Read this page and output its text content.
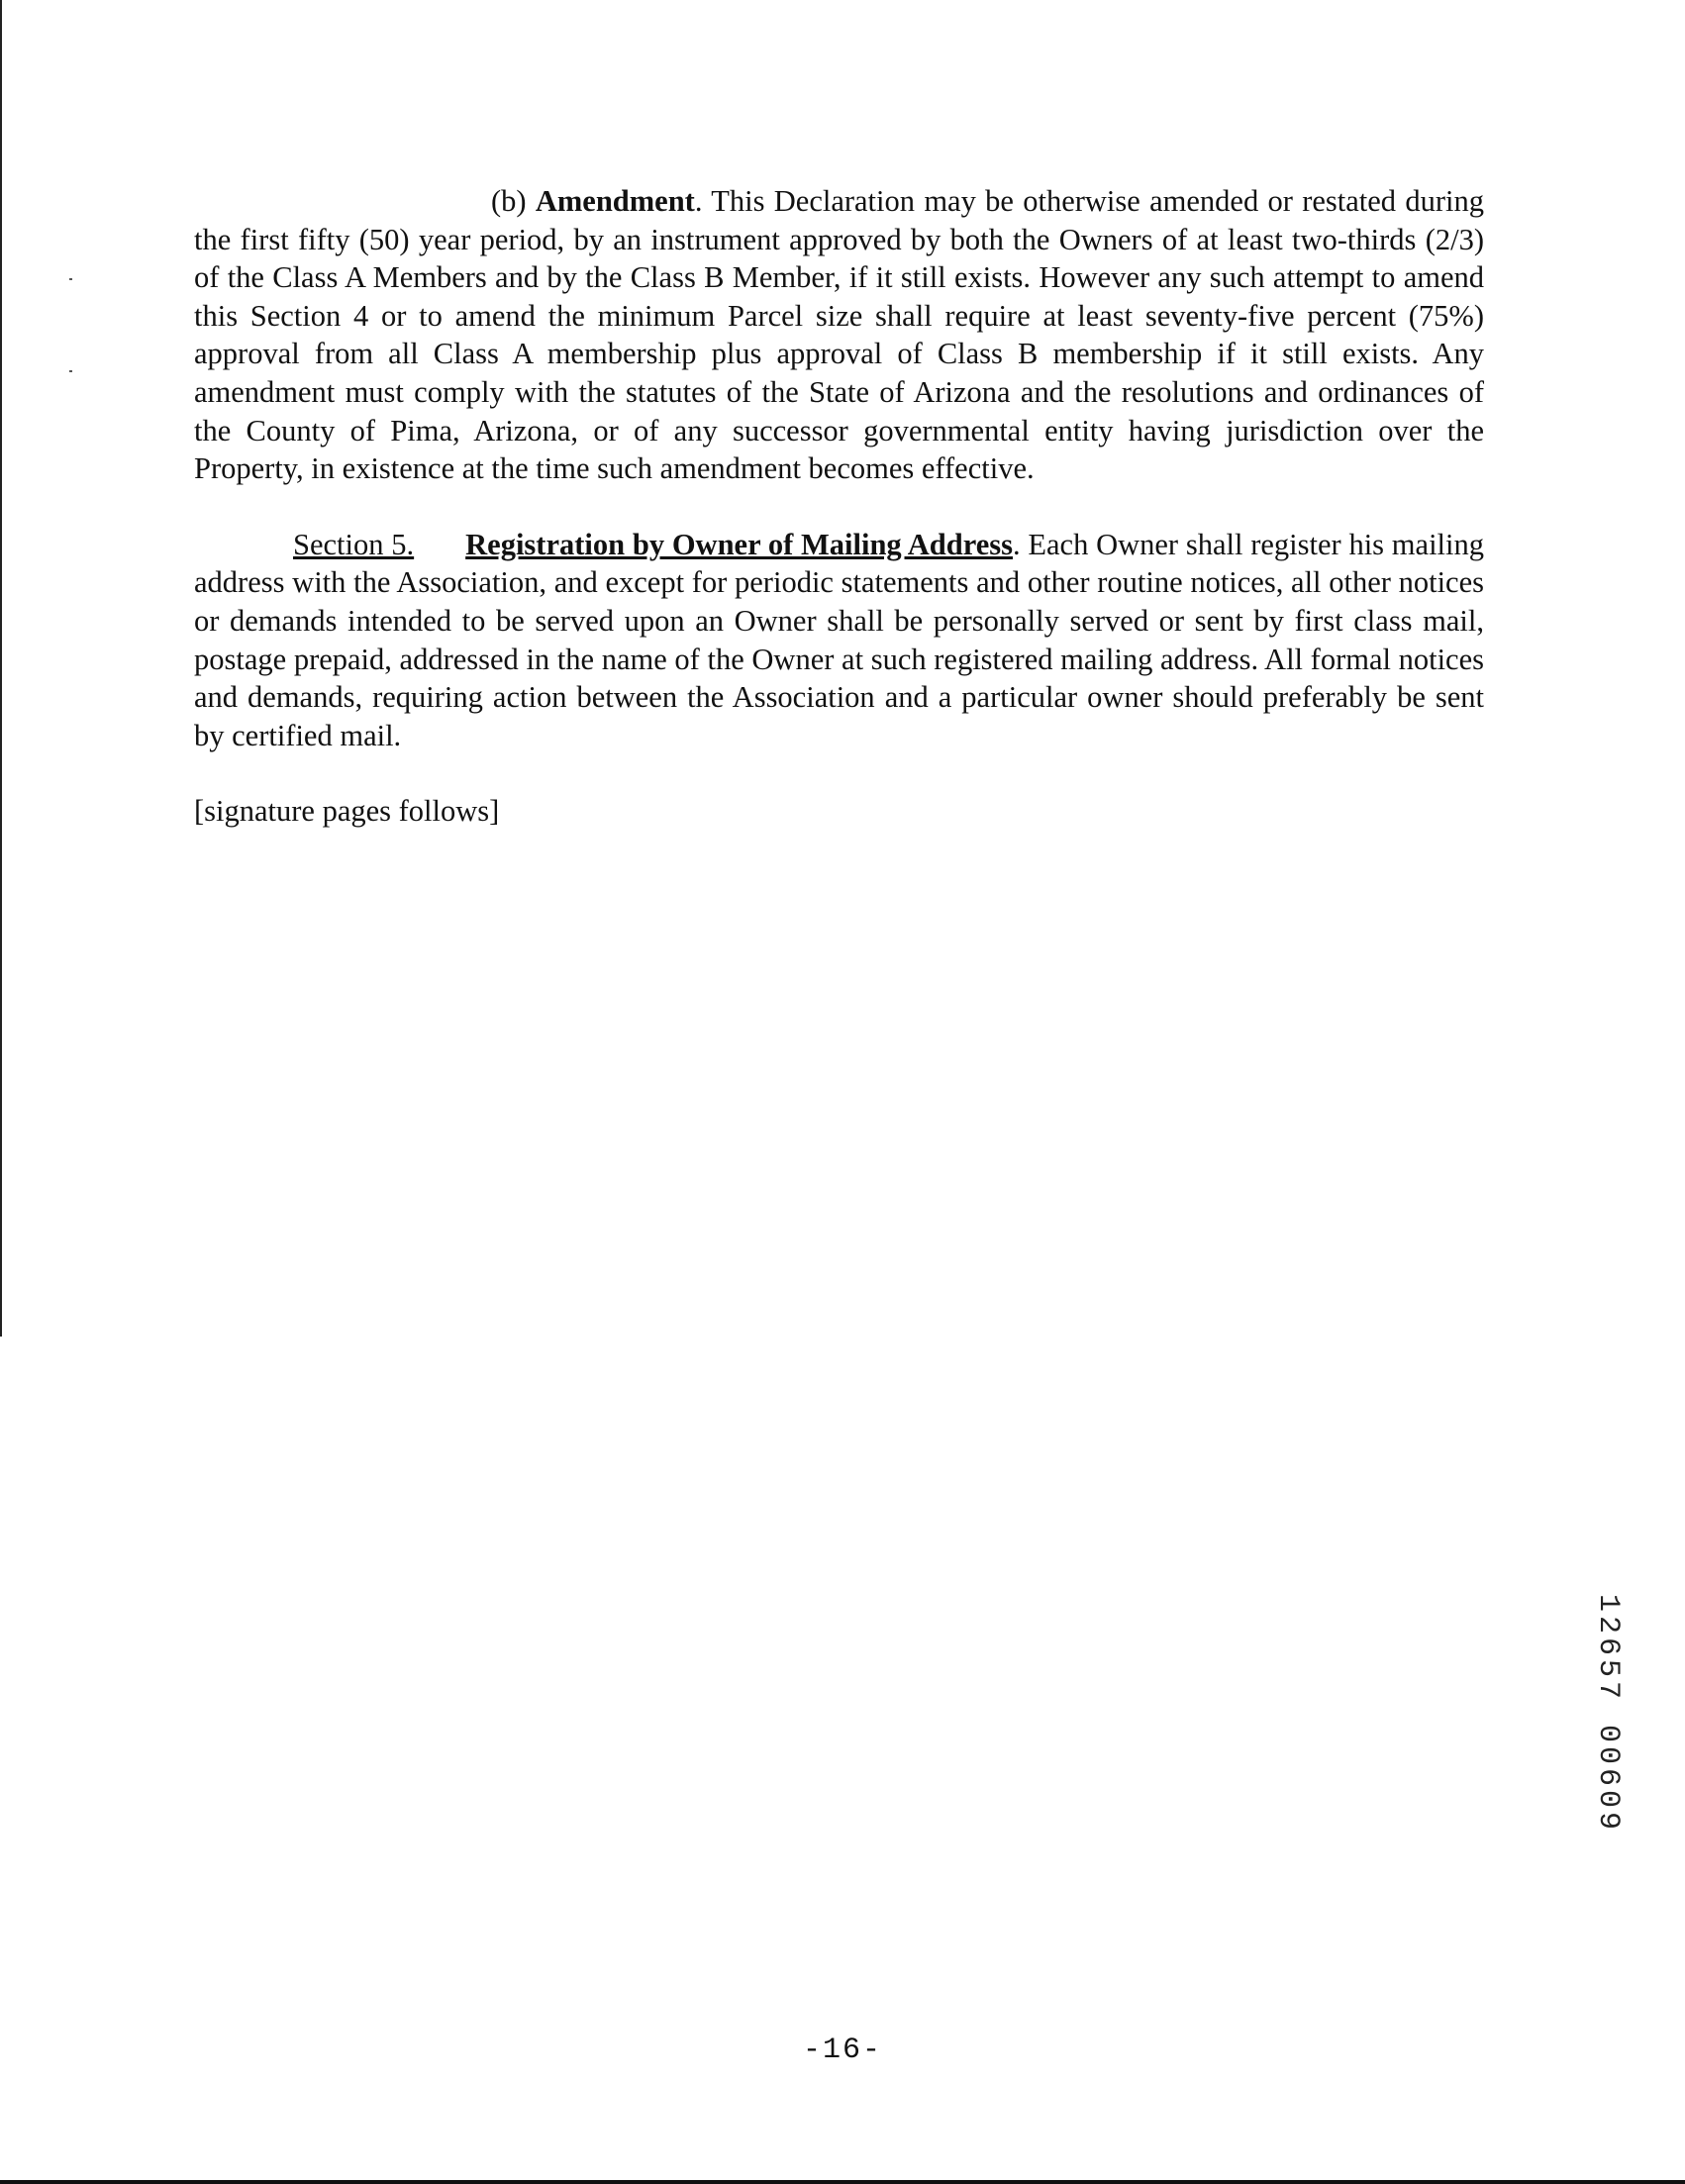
(b) Amendment. This Declaration may be otherwise amended or restated during the first fifty (50) year period, by an instrument approved by both the Owners of at least two-thirds (2/3) of the Class A Members and by the Class B Member, if it still exists. However any such attempt to amend this Section 4 or to amend the minimum Parcel size shall require at least seventy-five percent (75%) approval from all Class A membership plus approval of Class B membership if it still exists. Any amendment must comply with the statutes of the State of Arizona and the resolutions and ordinances of the County of Pima, Arizona, or of any successor governmental entity having jurisdiction over the Property, in existence at the time such amendment becomes effective.

Section 5. Registration by Owner of Mailing Address. Each Owner shall register his mailing address with the Association, and except for periodic statements and other routine notices, all other notices or demands intended to be served upon an Owner shall be personally served or sent by first class mail, postage prepaid, addressed in the name of the Owner at such registered mailing address. All formal notices and demands, requiring action between the Association and a particular owner should preferably be sent by certified mail.

[signature pages follows]

1
2
6
5
7
0
0
6
0
9
-16-
